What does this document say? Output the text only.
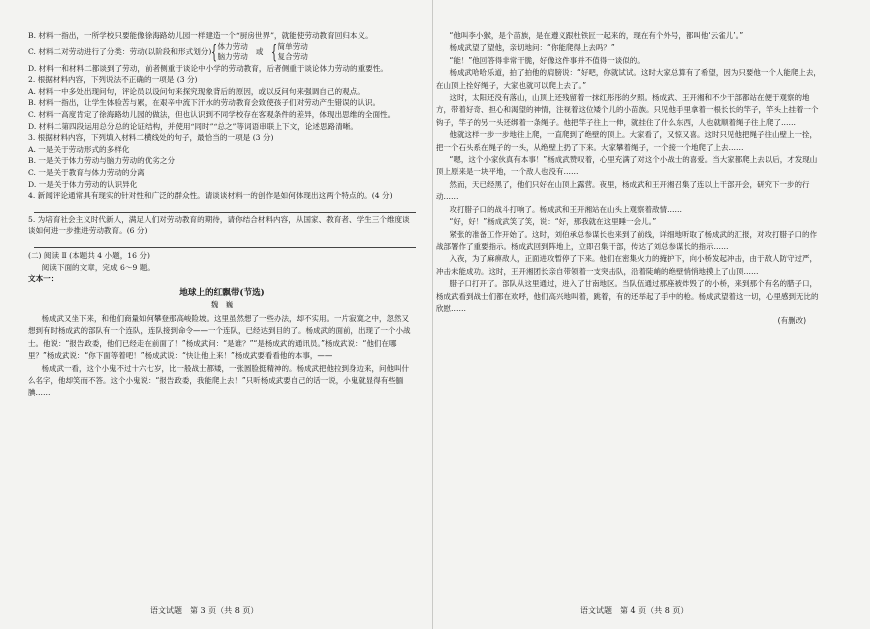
B. 材料一指出，一所学校只要能像徐海路幼儿园一样建造一个“厨房世界”，就能使劳动教育回归本义。

C. 材料二对劳动进行了分类：劳动 (以阶段和形式划分) { 体力劳动
脑力劳动
或 { 简单劳动
复合劳动

D. 材料一和材料二都谈到了劳动，前者侧重于谈论中小学的劳动教育，后者侧重于谈论体力劳动的重要性。

2. 根据材料内容，下列说法不正确的一项是 (3 分)

A. 材料一中多处出现问句，评论员以设问句来探究现象背后的原因，或以反问句来强调自己的观点。

B. 材料一指出，让学生体验苦与累，在艰辛中流下汗水的劳动教育会致使孩子们对劳动产生错误的认识。

C. 材料一高度肯定了徐海路幼儿园的做法，但也认识到不同学校存在客观条件的差异，体现出思维的全面性。

D. 材料二第四段运用总分总的论证结构，并使用“同时”“总之”等词语串联上下文，论述思路清晰。

3. 根据材料内容，下列填入材料二横线处的句子，最恰当的一项是 (3 分)

A. 一是关于劳动形式的多样化

B. 一是关于体力劳动与脑力劳动的优劣之分

C. 一是关于教育与体力劳动的分离

D. 一是关于体力劳动的认识异化

4. 新闻评论通常具有现实的针对性和广泛的群众性。请谈谈材料一的创作是如何体现出这两个特点的。(4 分)

5. 为培育社会主义时代新人，满足人们对劳动教育的期待，请你结合材料内容，从国家、教育者、学生三个维度谈谈如何进一步推进劳动教育。(6 分)

(二) 阅读 Ⅱ (本题共 4 小题，16 分)

阅读下面的文章，完成 6～9 题。

文本一：

地球上的红飘带(节选)

魏　巍

杨成武又坐下来，和他们商量如何攀登那高峻险坡。这里虽然想了一些办法，却不实用。一片寂寞之中，忽然又想到有时杨成武的部队有一个连队，连队接到命令——一个连队，已经达到目的了。杨成武的面前，出现了一个小战士。他说：“报告政委，他们已经走在前面了！”杨成武问：“是谁？”“是杨成武的通讯员。”杨成武说：“他们在哪里？”杨成武说：“你下面等着吧！”杨成武说：“快让他上来！”杨成武要看看他的本事，——

杨成武一看，这个小鬼不过十六七岁，比一般战士都矮，一张圆脸挺精神的。杨成武把他拉到身边来，问他叫什么名字，他却笑而不答。这个小鬼说：“报告政委，我能爬上去！”只听杨成武要自己的话一说，小鬼就显得有些腼腆……

“他叫李小猴，是个苗族，是在遵义跟杜铁匠一起来的，现在有个外号，都叫他‘云雀儿’。”

杨成武望了望他，亲切地问：“你能爬得上去吗？”

“能！”他回答得非常干脆，好像这件事并不值得一谈似的。

杨成武哈哈乐道，拍了拍他的肩膀说：“好吧，你就试试。这时大家总算有了希望，因为只要他一个人能爬上去，在山顶上拴好绳子，大家也就可以爬上去了。”

这时，太阳还没有落山，山顶上还残留着一抹红彤彤的夕照。杨成武、王开湘和不少干部都站在便于观察的地方，带着好奇、担心和渴望的神情，注视着这位矮个儿的小苗族。只见他手里拿着一根长长的竿子，竿头上挂着一个钩子，竿子的另一头还绑着一条绳子。他把竿子往上一伸，就挂住了什么东西，人也就顺着绳子往上爬了……

他就这样一步一步地往上爬，一直爬到了绝壁的顶上。大家看了，又惊又喜。这时只见他把绳子往山壁上一拴，把一个石头系在绳子的一头，从绝壁上扔了下来。大家攀着绳子，一个接一个地爬了上去……

“嗯，这个小家伙真有本事！”杨成武赞叹着，心里充满了对这个小战士的喜爱。当大家都爬上去以后，才发现山顶上原来是一块平地，一个敌人也没有……

然而，天已经黑了，他们只好在山顶上露营。夜里，杨成武和王开湘召集了连以上干部开会，研究下一步的行动……

攻打腊子口的战斗打响了。杨成武和王开湘站在山头上观察着敌情……

“好，好！”杨成武笑了笑，说：“好，那我就在这里睡一会儿。”

紧张的准备工作开始了。这时，刘伯承总参谋长也来到了前线，详细地听取了杨成武的汇报，对攻打腊子口的作战部署作了重要指示。杨成武回到阵地上，立即召集干部，传达了刘总参谋长的指示……

入夜，为了麻痹敌人，正面进攻暂停了下来。他们在密集火力的掩护下，向小桥发起冲击，由于敌人防守过严，冲击未能成功。这时，王开湘团长亲自带领着一支突击队，沿着陡峭的绝壁悄悄地摸上了山顶……

腊子口打开了。部队从这里通过，进入了甘南地区。当队伍通过那座被炸毁了的小桥，来到那个有名的腊子口，杨成武看到战士们都在欢呼，他们高兴地叫着，跳着，有的还举起了手中的枪。杨成武望着这一切，心里感到无比的欣慰……

(有删改)

语文试题　第 3 页（共 8 页）	语文试题　第 4 页（共 8 页）
